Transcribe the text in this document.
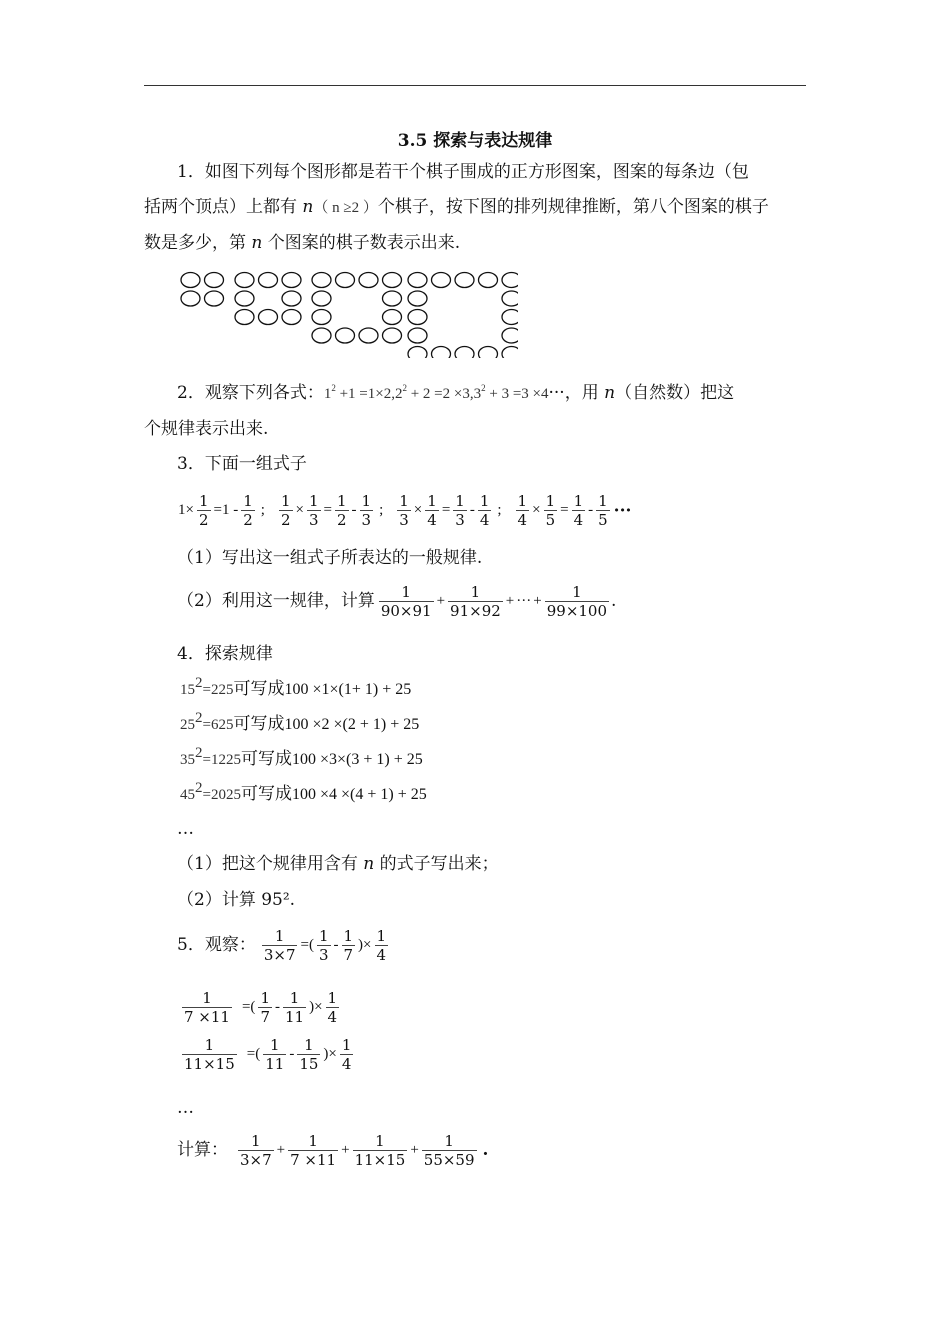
3.5 探索与表达规律
1．如图下列每个图形都是若干个棋子围成的正方形图案，图案的每条边（包
括两个顶点）上都有 n（ n ≥2 ）个棋子，按下图的排列规律推断，第八个图案的棋子
数是多少，第 n 个图案的棋子数表示出来.
2．观察下列各式：$1^2 +1 =1\times 2,2^2 + 2 =2 \times 3,3^2 + 3 =3 \times 4\cdot\cdot\cdot$，用 n（自然数）把这
个规律表示出来.
3．下面一组式子
$1\times \frac{1}{2} =1 - \frac{1}{2}$ ; $\frac{1}{2} \times \frac{1}{3} = \frac{1}{2} - \frac{1}{3}$ ; $\frac{1}{3} \times \frac{1}{4} = \frac{1}{3} - \frac{1}{4}$ ; $\frac{1}{4} \times \frac{1}{5} = \frac{1}{4} - \frac{1}{5}$ ···
（1）写出这一组式子所表达的一般规律.
（2）利用这一规律，计算 $\frac{1}{90\times 91} + \frac{1}{91\times 92}$ + ··· + $\frac{1}{99\times 100}$ .
4．探索规律
$15^2=225$可写成100 ×1×(1+ 1) + 25
$25^2=625$可写成100 ×2 ×(2 + 1) + 25
$35^2=1225$可写成100 ×3×(3 + 1) + 25
$45^2=2025$可写成100 ×4 ×(4 + 1) + 25
…
（1）把这个规律用含有 n 的式子写出来；
（2）计算 95².
5．观察： $\frac{1}{3\times 7}$ =( $\frac{1}{3} - \frac{1}{7}$ )× $\frac{1}{4}$
$\frac{1}{7 \times 11}$ =( $\frac{1}{7} - \frac{1}{11}$ )× $\frac{1}{4}$
$\frac{1}{11\times 15}$ =( $\frac{1}{11} - \frac{1}{15}$ )× $\frac{1}{4}$
…
计算： $\frac{1}{3\times 7} + \frac{1}{7 \times 11} + \frac{1}{11\times 15} + \frac{1}{55\times 59}$ .
